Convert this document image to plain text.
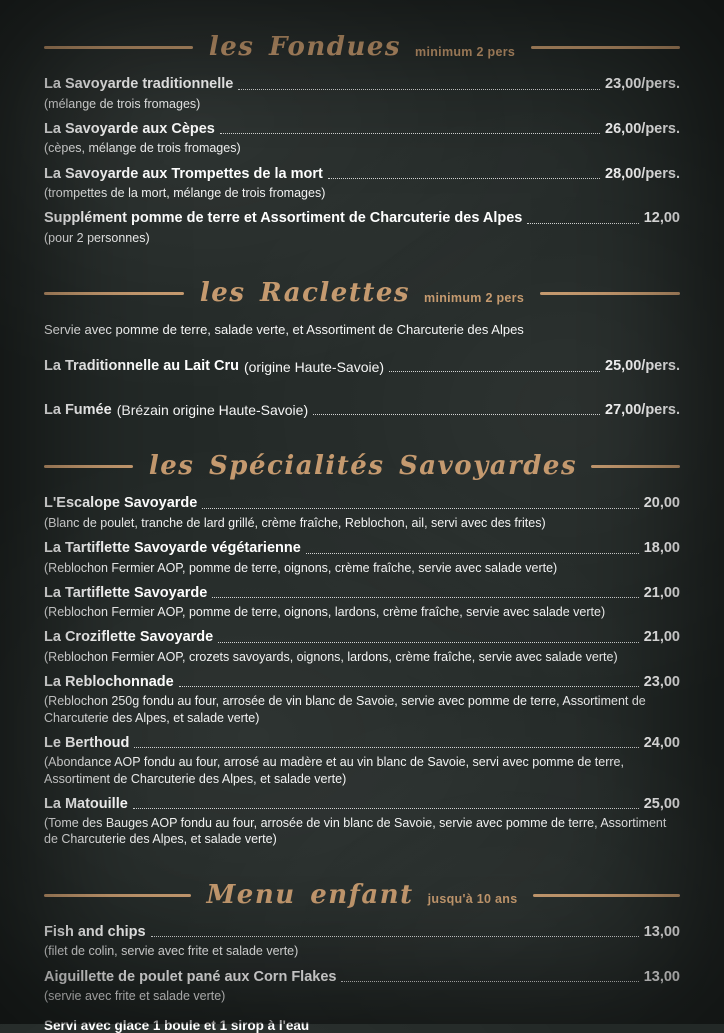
les Fondues minimum 2 pers
La Savoyarde traditionnelle	23,00/pers.

(mélange de trois fromages)

La Savoyarde aux Cèpes	26,00/pers.

(cèpes, mélange de trois fromages)

La Savoyarde aux Trompettes de la mort	28,00/pers.

(trompettes de la mort, mélange de trois fromages)

Supplément pomme de terre et Assortiment de Charcuterie des Alpes	12,00

(pour 2 personnes)

les Raclettes minimum 2 pers

Servie avec pomme de terre, salade verte, et Assortiment de Charcuterie des Alpes

La Traditionnelle au Lait Cru (origine Haute-Savoie)	25,00/pers.
La Fumée (Brézain origine Haute-Savoie)	27,00/pers.
les Spécialités Savoyardes
L'Escalope Savoyarde	20,00

(Blanc de poulet, tranche de lard grillé, crème fraîche, Reblochon, ail, servi avec des frites)

La Tartiflette Savoyarde végétarienne	18,00

(Reblochon Fermier AOP, pomme de terre, oignons, crème fraîche, servie avec salade verte)

La Tartiflette Savoyarde	21,00

(Reblochon Fermier AOP, pomme de terre, oignons, lardons, crème fraîche, servie avec salade verte)

La Croziflette Savoyarde	21,00

(Reblochon Fermier AOP, crozets savoyards, oignons, lardons, crème fraîche, servie avec salade verte)

La Reblochonnade	23,00

(Reblochon 250g fondu au four, arrosée de vin blanc de Savoie, servie avec pomme de terre, Assortiment de Charcuterie des Alpes, et salade verte)

Le Berthoud	24,00

(Abondance AOP fondu au four, arrosé au madère et au vin blanc de Savoie, servi avec pomme de terre, Assortiment de Charcuterie des Alpes, et salade verte)

La Matouille	25,00

(Tome des Bauges AOP fondu au four, arrosée de vin blanc de Savoie, servie avec pomme de terre, Assortiment de Charcuterie des Alpes, et salade verte)

Menu enfant jusqu'à 10 ans
Fish and chips	13,00

(filet de colin, servie avec frite et salade verte)

Aiguillette de poulet pané aux Corn Flakes	13,00

(servie avec frite et salade verte)

Servi avec glace 1 boule et 1 sirop à l'eau
